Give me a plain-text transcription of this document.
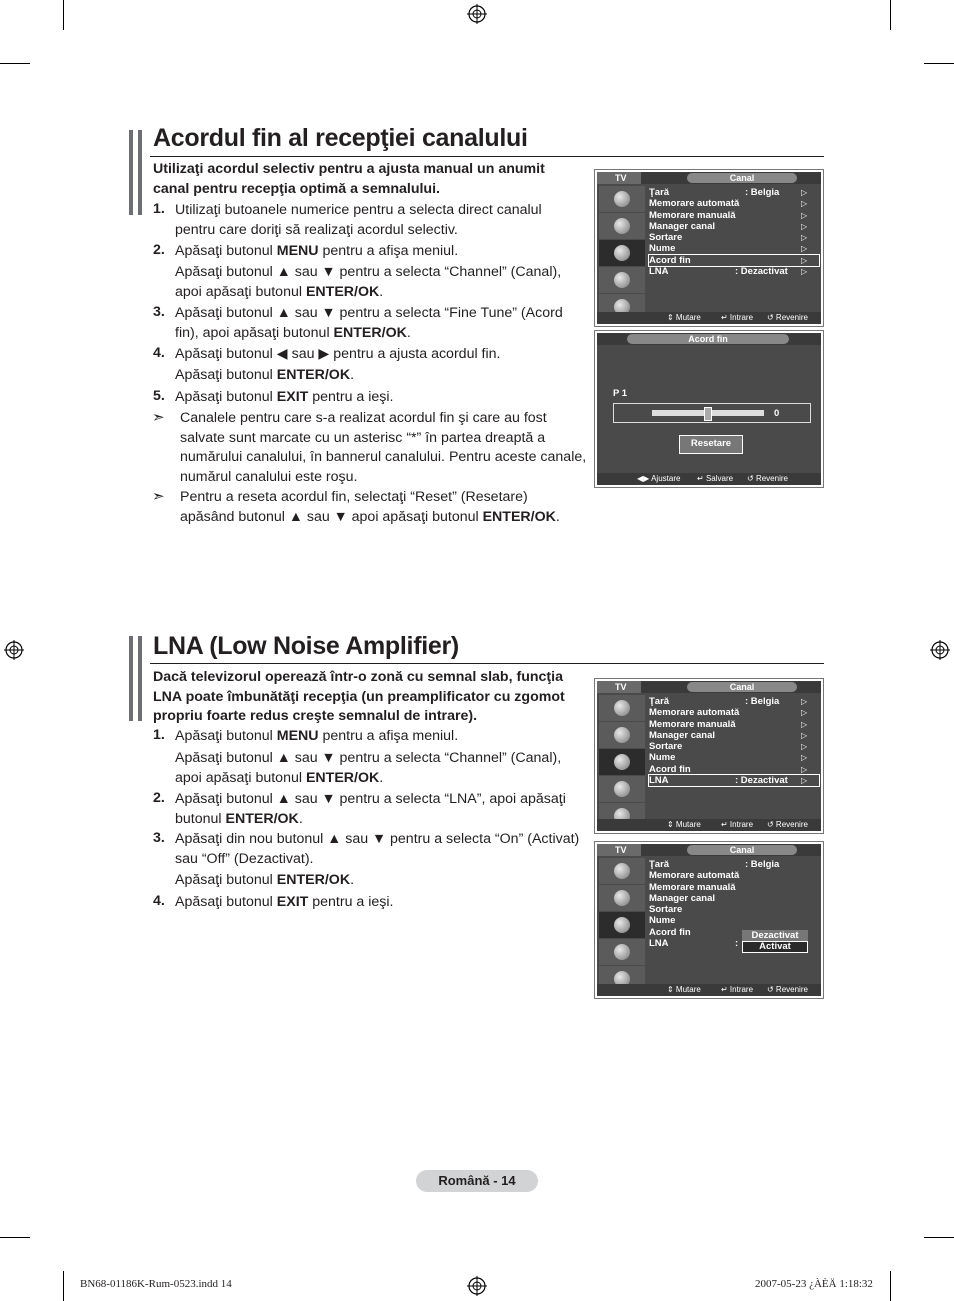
Acordul fin al recepţiei canalului
Utilizaţi acordul selectiv pentru a ajusta manual un anumit canal pentru recepţia optimă a semnalului.
1. Utilizaţi butoanele numerice pentru a selecta direct canalul
pentru care doriţi să realizaţi acordul selectiv.
2. Apăsaţi butonul MENU pentru a afişa meniul.
Apăsaţi butonul ▲ sau ▼ pentru a selecta “Channel” (Canal),
apoi apăsaţi butonul ENTER/OK.
3. Apăsaţi butonul ▲ sau ▼ pentru a selecta “Fine Tune” (Acord
fin), apoi apăsaţi butonul ENTER/OK.
4. Apăsaţi butonul ◀ sau ▶ pentru a ajusta acordul fin.
Apăsaţi butonul ENTER/OK.
5. Apăsaţi butonul EXIT pentru a ieşi.
➣ Canalele pentru care s-a realizat acordul fin şi care au fost
salvate sunt marcate cu un asterisc “*” în partea dreaptă a
numărului canalului, în bannerul canalului. Pentru aceste canale,
numărul canalului este roşu.
➣ Pentru a reseta acordul fin, selectaţi “Reset” (Resetare)
apăsând butonul ▲ sau ▼ apoi apăsaţi butonul ENTER/OK.
TV	Canal
Ţară	: Belgia	▷
Memorare automată	▷
Memorare manuală	▷
Manager canal	▷
Sortare	▷
Nume	▷
Acord fin	▷
LNA	: Dezactivat ▷
⇕ Mutare	↵ Intrare ↺ Revenire
Acord fin
P 1
0
Resetare
◀▶ Ajustare ↵ Salvare ↺ Revenire
LNA (Low Noise Amplifier)
Dacă televizorul operează într-o zonă cu semnal slab, funcţia
LNA poate îmbunătăţi recepţia (un preamplificator cu zgomot
propriu foarte redus creşte semnalul de intrare).
1. Apăsaţi butonul MENU pentru a afişa meniul.
Apăsaţi butonul ▲ sau ▼ pentru a selecta “Channel” (Canal),
apoi apăsaţi butonul ENTER/OK.
2. Apăsaţi butonul ▲ sau ▼ pentru a selecta “LNA”, apoi apăsaţi
butonul ENTER/OK.
3. Apăsaţi din nou butonul ▲ sau ▼ pentru a selecta “On” (Activat)
sau “Off” (Dezactivat).
Apăsaţi butonul ENTER/OK.
4. Apăsaţi butonul EXIT pentru a ieşi.
TV	Canal
Ţară	: Belgia	▷
Memorare automată	▷
Memorare manuală	▷
Manager canal	▷
Sortare	▷
Nume	▷
Acord fin	▷
LNA	: Dezactivat ▷
⇕ Mutare	↵ Intrare ↺ Revenire
TV	Canal
Ţară	: Belgia
Memorare automată
Memorare manuală
Manager canal
Sortare
Nume
Acord fin
LNA	:
Dezactivat
Activat
⇕ Mutare	↵ Intrare ↺ Revenire
Română - 14
BN68-01186K-Rum-0523.indd 14	2007-05-23 ¿ÀÈÄ 1:18:32
